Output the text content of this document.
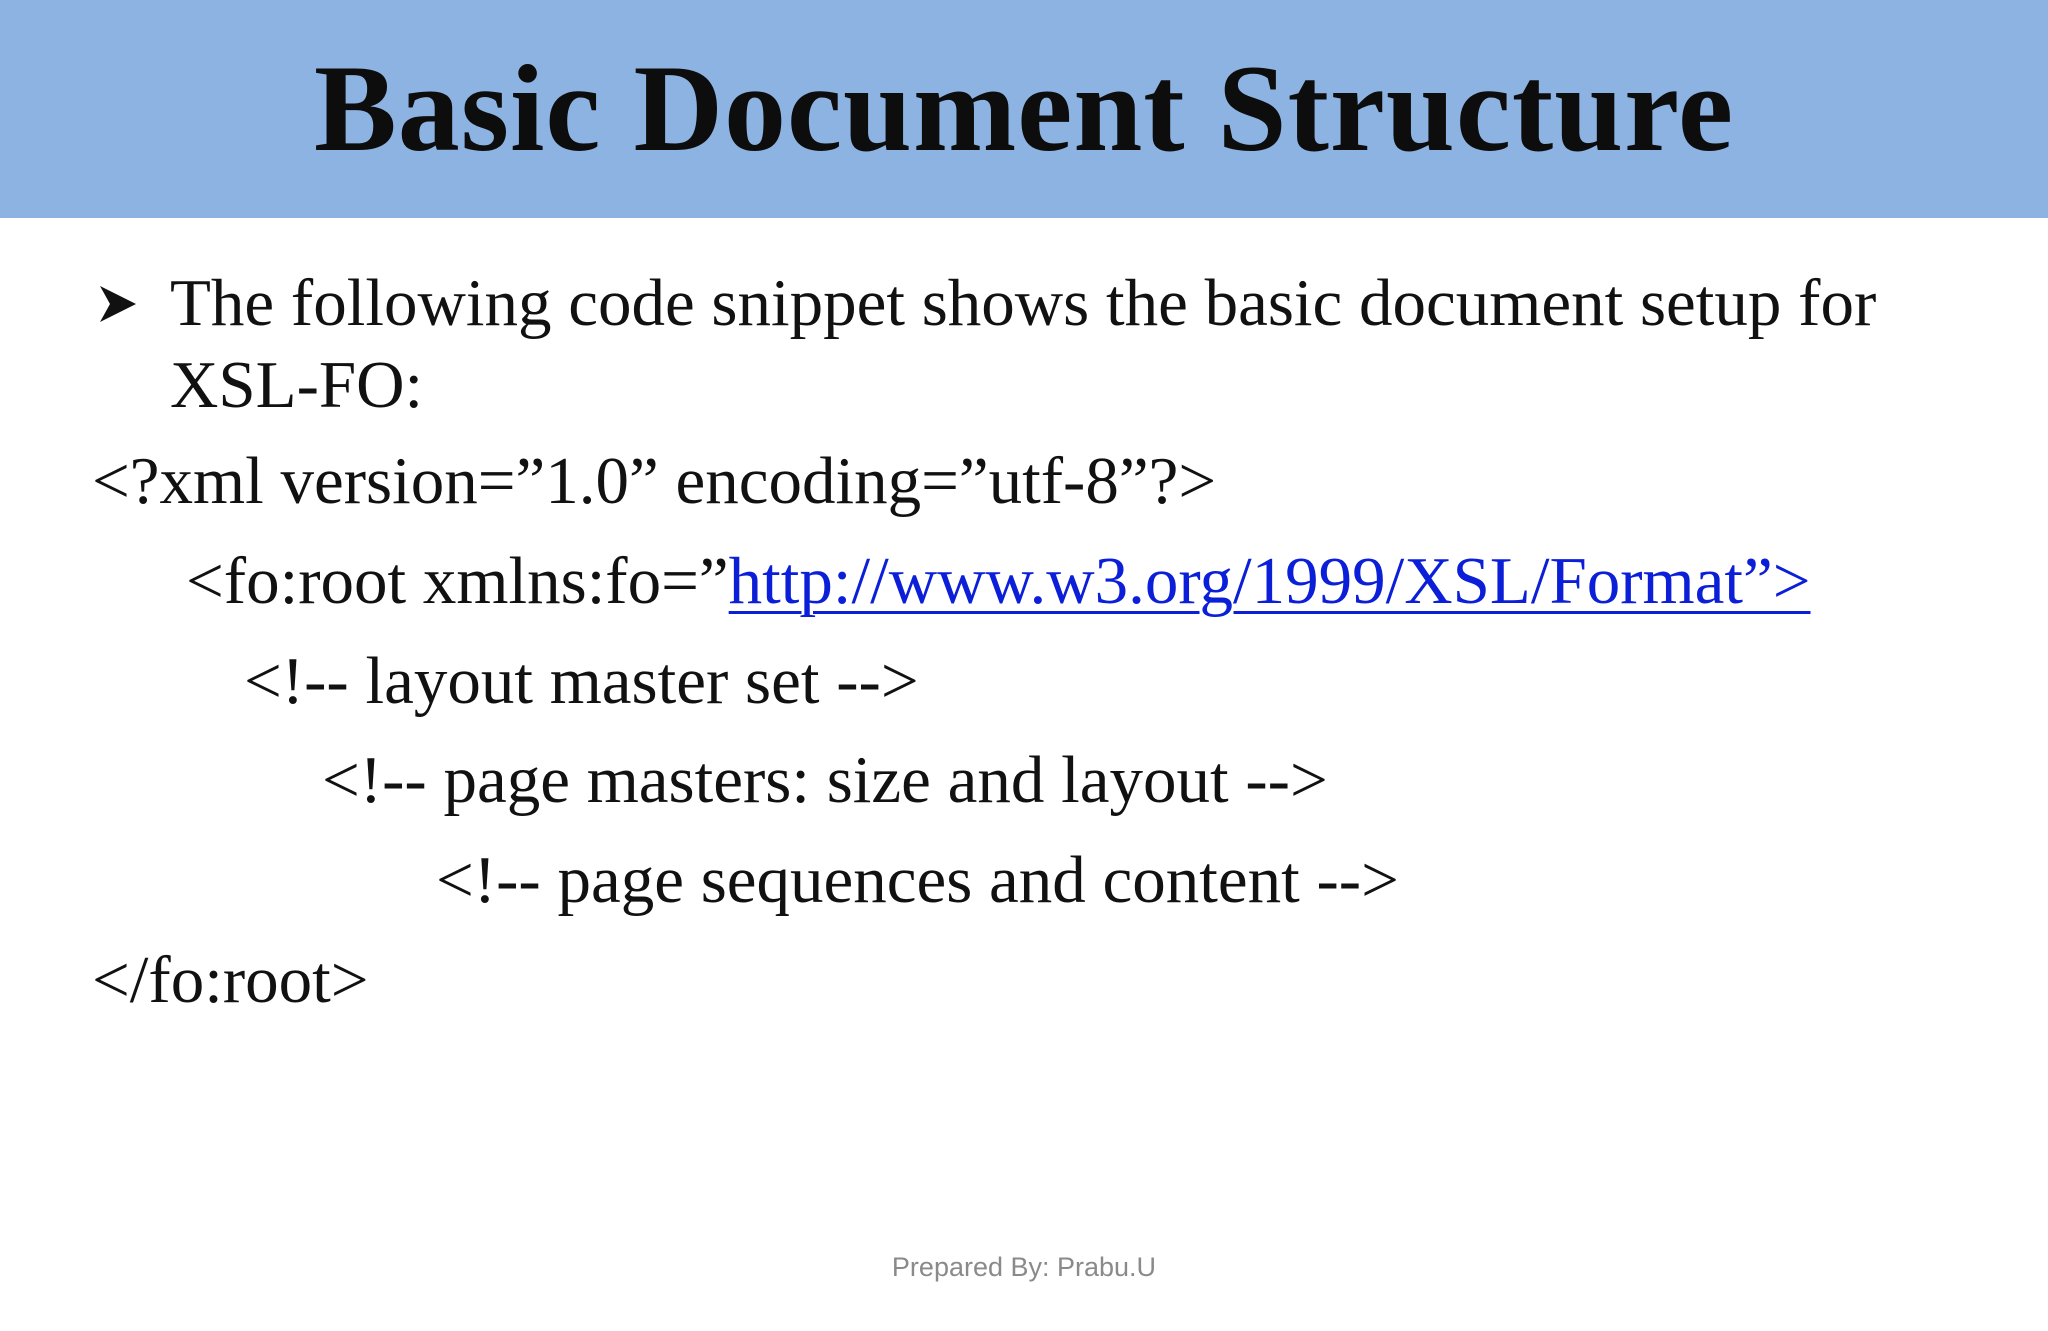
Basic Document Structure

The following code snippet shows the basic document setup for XSL-FO:

<?xml version=”1.0” encoding=”utf-8”?>

<fo:root xmlns:fo=”http://www.w3.org/1999/XSL/Format”>

<!-- layout master set -->

<!-- page masters: size and layout -->

<!-- page sequences and content -->

</fo:root>

Prepared By: Prabu.U
